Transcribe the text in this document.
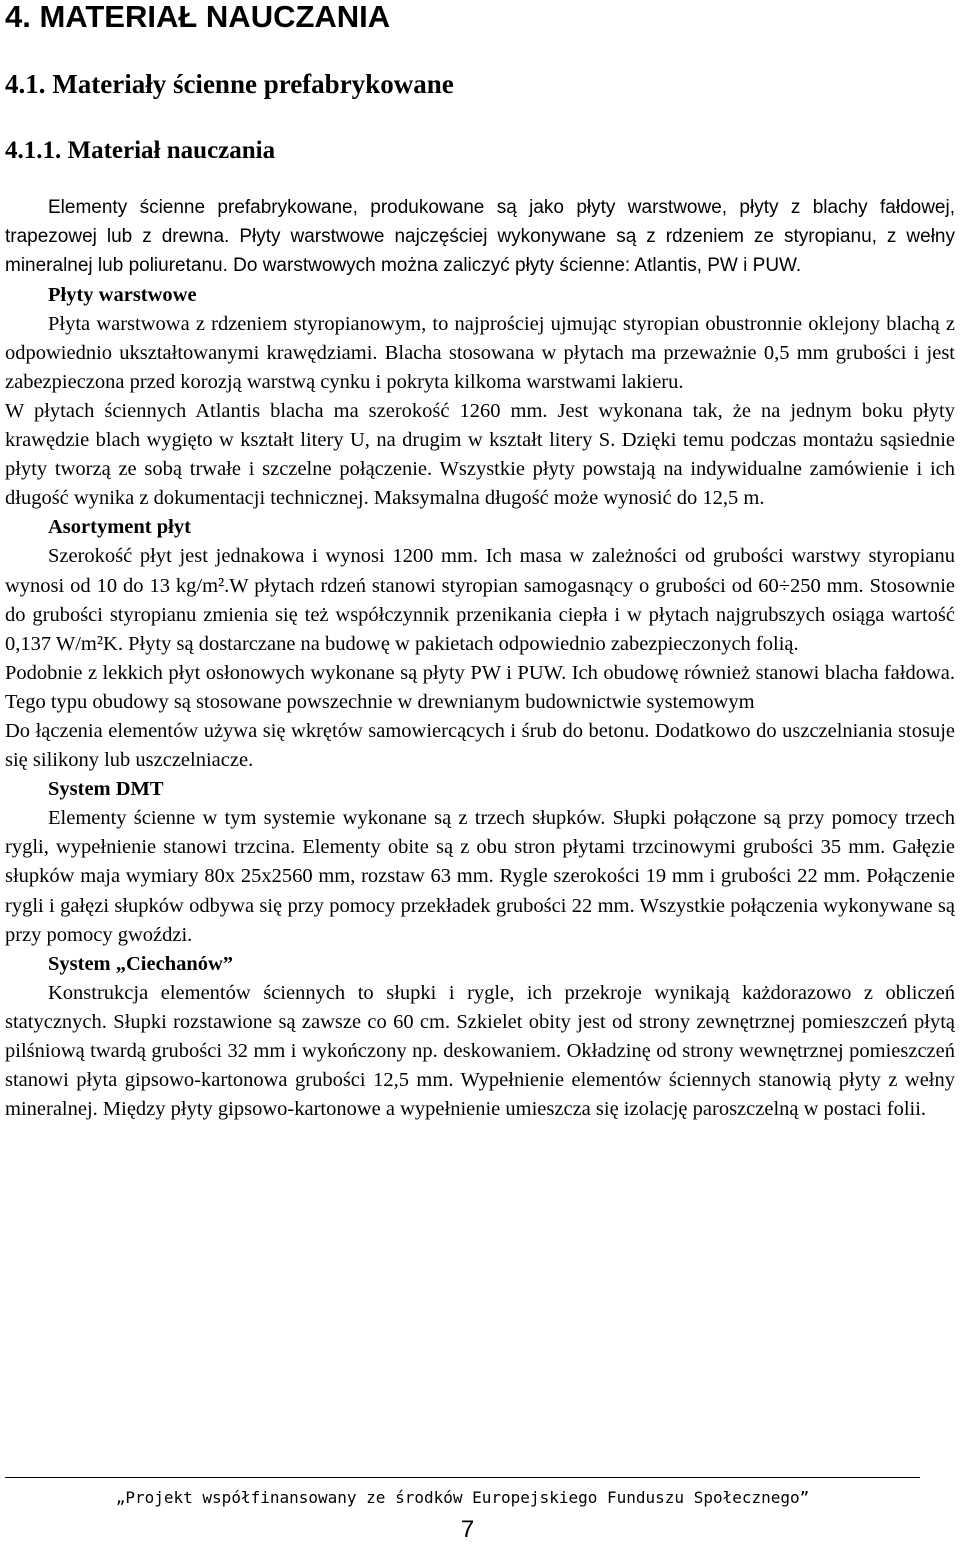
4. MATERIAŁ NAUCZANIA
4.1. Materiały ścienne prefabrykowane
4.1.1. Materiał nauczania

Elementy ścienne prefabrykowane, produkowane są jako płyty warstwowe, płyty z blachy fałdowej, trapezowej lub z drewna. Płyty warstwowe najczęściej wykonywane są z rdzeniem ze styropianu, z wełny mineralnej lub poliuretanu. Do warstwowych można zaliczyć płyty ścienne: Atlantis, PW i PUW.

Płyty warstwowe

Płyta warstwowa z rdzeniem styropianowym, to najprościej ujmując styropian obustronnie oklejony blachą z odpowiednio ukształtowanymi krawędziami. Blacha stosowana w płytach ma przeważnie 0,5 mm grubości i jest zabezpieczona przed korozją warstwą cynku i pokryta kilkoma warstwami lakieru.

W płytach ściennych Atlantis blacha ma szerokość 1260 mm. Jest wykonana tak, że na jednym boku płyty krawędzie blach wygięto w kształt litery U, na drugim w kształt litery S. Dzięki temu podczas montażu sąsiednie płyty tworzą ze sobą trwałe i szczelne połączenie. Wszystkie płyty powstają na indywidualne zamówienie i ich długość wynika z dokumentacji technicznej. Maksymalna długość może wynosić do 12,5 m.

Asortyment płyt

Szerokość płyt jest jednakowa i wynosi 1200 mm. Ich masa w zależności od grubości warstwy styropianu wynosi od 10 do 13 kg/m².W płytach rdzeń stanowi styropian samogasnący o grubości od 60÷250 mm. Stosownie do grubości styropianu zmienia się też współczynnik przenikania ciepła i w płytach najgrubszych osiąga wartość 0,137 W/m²K. Płyty są dostarczane na budowę w pakietach odpowiednio zabezpieczonych folią.

Podobnie z lekkich płyt osłonowych wykonane są płyty PW i PUW. Ich obudowę również stanowi blacha fałdowa. Tego typu obudowy są stosowane powszechnie w drewnianym budownictwie systemowym

Do łączenia elementów używa się wkrętów samowiercących i śrub do betonu. Dodatkowo do uszczelniania stosuje się silikony lub uszczelniacze.

System DMT

Elementy ścienne w tym systemie wykonane są z trzech słupków. Słupki połączone są przy pomocy trzech rygli, wypełnienie stanowi trzcina. Elementy obite są z obu stron płytami trzcinowymi grubości 35 mm. Gałęzie słupków maja wymiary 80x 25x2560 mm, rozstaw 63 mm. Rygle szerokości 19 mm i grubości 22 mm. Połączenie rygli i gałęzi słupków odbywa się przy pomocy przekładek grubości 22 mm. Wszystkie połączenia wykonywane są przy pomocy gwoździ.

System „Ciechanów”

Konstrukcja elementów ściennych to słupki i rygle, ich przekroje wynikają każdorazowo z obliczeń statycznych. Słupki rozstawione są zawsze co 60 cm. Szkielet obity jest od strony zewnętrznej pomieszczeń płytą pilśniową twardą grubości 32 mm i wykończony np. deskowaniem. Okładzinę od strony wewnętrznej pomieszczeń stanowi płyta gipsowo-kartonowa grubości 12,5 mm. Wypełnienie elementów ściennych stanowią płyty z wełny mineralnej. Między płyty gipsowo-kartonowe a wypełnienie umieszcza się izolację paroszczelną w postaci folii.

„Projekt współfinansowany ze środków Europejskiego Funduszu Społecznego”

7
